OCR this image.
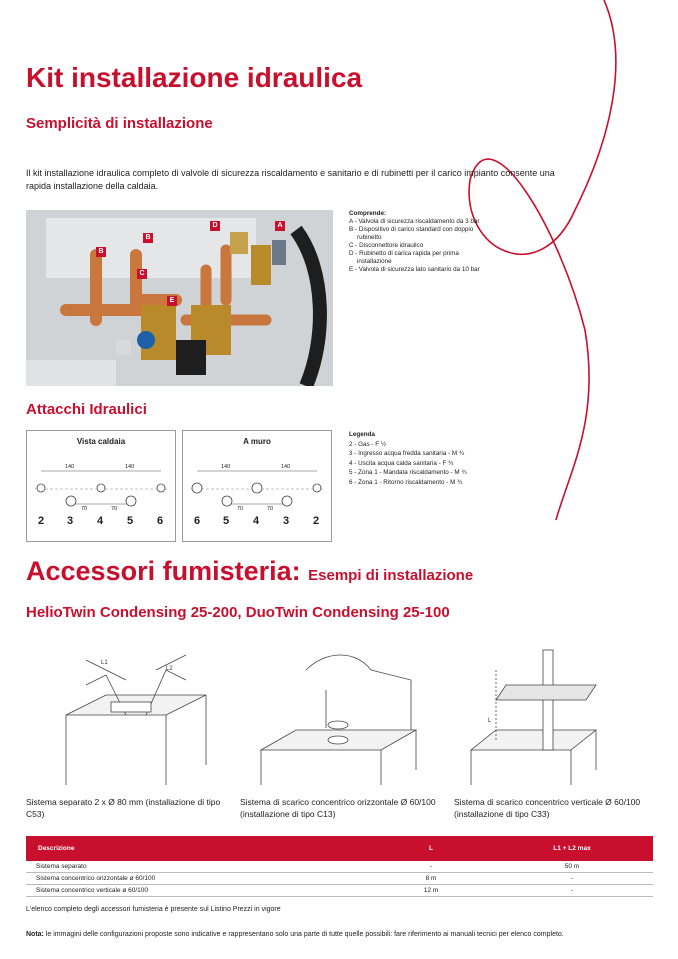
Kit installazione idraulica
Semplicità di installazione
Il kit installazione idraulica completo di valvole di sicurezza riscaldamento e sanitario e di rubinetti per il carico impianto consente una rapida installazione della caldaia.
A
B
B
C
D
E
Comprende:
A - Valvola di sicurezza riscaldamento da 3 bar
B - Dispositivo di carico standard con doppio
rubinetto
C - Disconnettore idraulico
D - Rubinetto di carica rapida per prima
installazione
E - Valvola di sicurezza lato sanitario da 10 bar
Attacchi Idraulici
Vista caldaia
140	140
70	70
2 3 4 5 6
A muro
140	140
70	70
6 5 4 3 2
Legenda
2 - Gas - F ½
3 - Ingresso acqua fredda sanitaria - M ¾
4 - Uscita acqua calda sanitaria - F ¾
5 - Zona 1 - Mandata riscaldamento - M ¾
6 - Zona 1 - Ritorno riscaldamento - M ¾
Accessori fumisteria: Esempi di installazione
HelioTwin Condensing 25-200, DuoTwin Condensing 25-100
L1
L2
L
Sistema separato 2 x Ø 80 mm (installazione di tipo C53)
Sistema di scarico concentrico orizzontale Ø 60/100 (installazione di tipo C13)
Sistema di scarico concentrico verticale Ø 60/100 (installazione di tipo C33)
Descrizione	L	L1 + L2 max
Sistema separato	-	50 m
Sistema concentrico orizzontale ø 60/100	8 m	-
Sistema concentrico verticale ø 60/100	12 m	-
L'elenco completo degli accessori fumisteria è presente sul Listino Prezzi in vigore
Nota: le immagini delle configurazioni proposte sono indicative e rappresentano solo una parte di tutte quelle possibili: fare riferimento ai manuali tecnici per elenco completo.
